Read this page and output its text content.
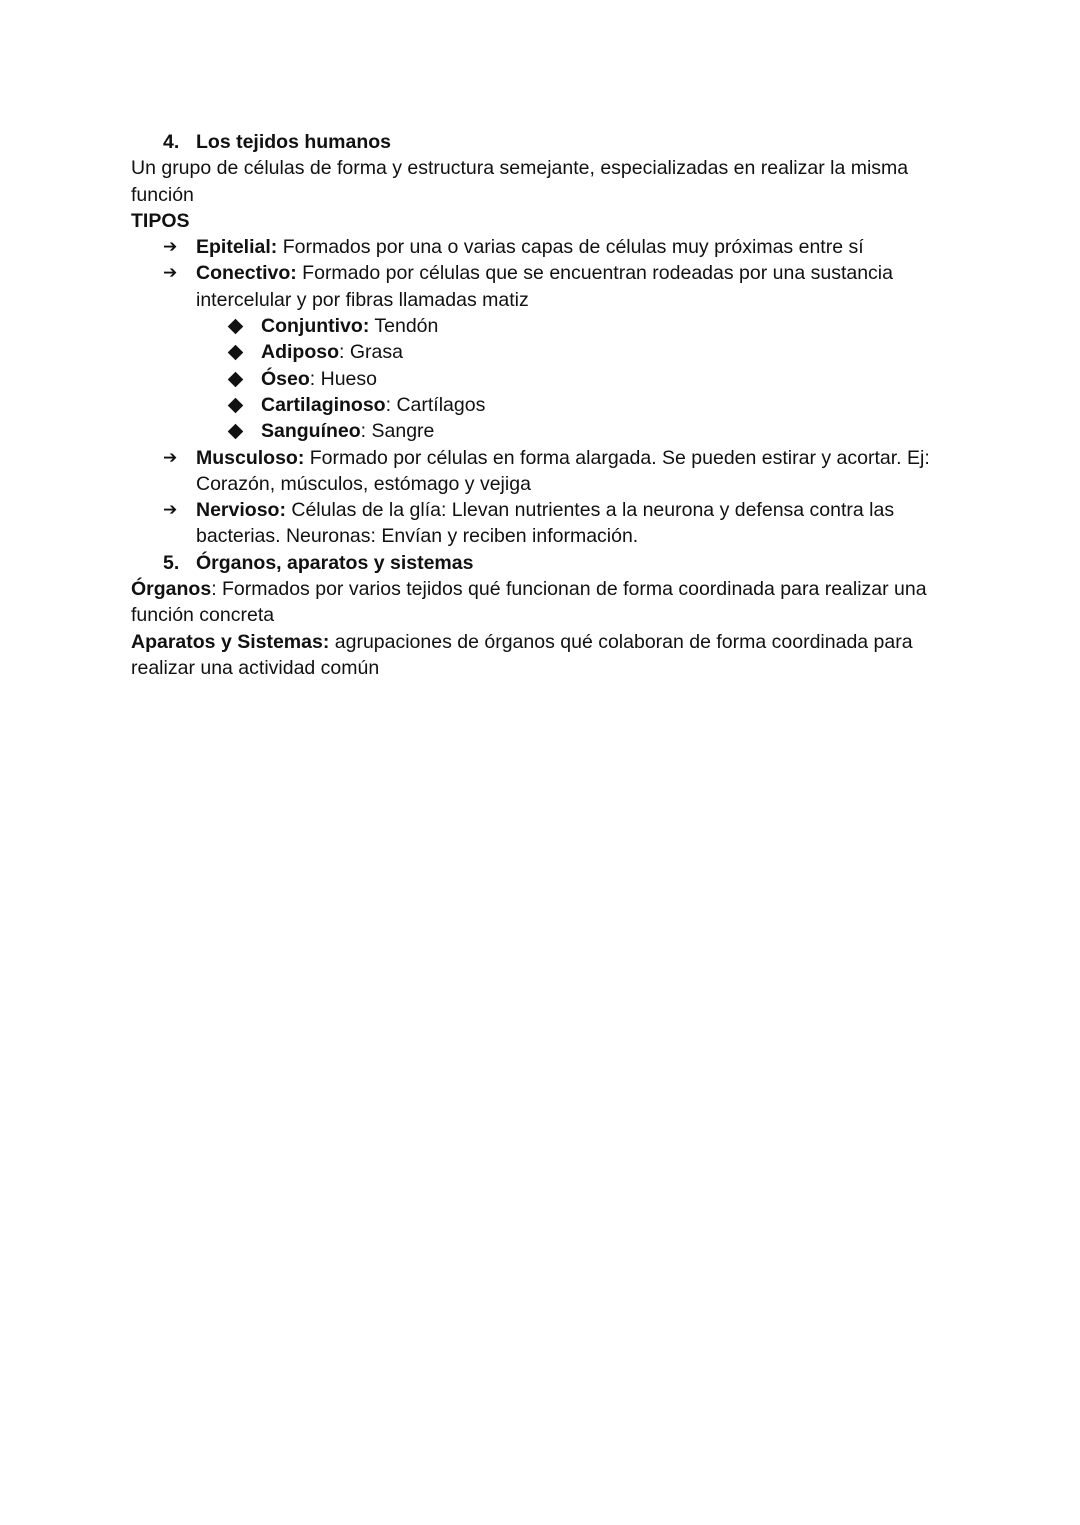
4. Los tejidos humanos

Un grupo de células de forma y estructura semejante, especializadas en realizar la misma función

TIPOS

➔ Epitelial: Formados por una o varias capas de células muy próximas entre sí

➔ Conectivo: Formado por células que se encuentran rodeadas por una sustancia intercelular y por fibras llamadas matiz

Conjuntivo: Tendón

Adiposo: Grasa

Óseo: Hueso

Cartilaginoso: Cartílagos

Sanguíneo: Sangre

➔ Musculoso: Formado por células en forma alargada. Se pueden estirar y acortar. Ej: Corazón, músculos, estómago y vejiga

➔ Nervioso: Células de la glía: Llevan nutrientes a la neurona y defensa contra las bacterias. Neuronas: Envían y reciben información.

5. Órganos, aparatos y sistemas

Órganos: Formados por varios tejidos qué funcionan de forma coordinada para realizar una función concreta

Aparatos y Sistemas: agrupaciones de órganos qué colaboran de forma coordinada para realizar una actividad común
